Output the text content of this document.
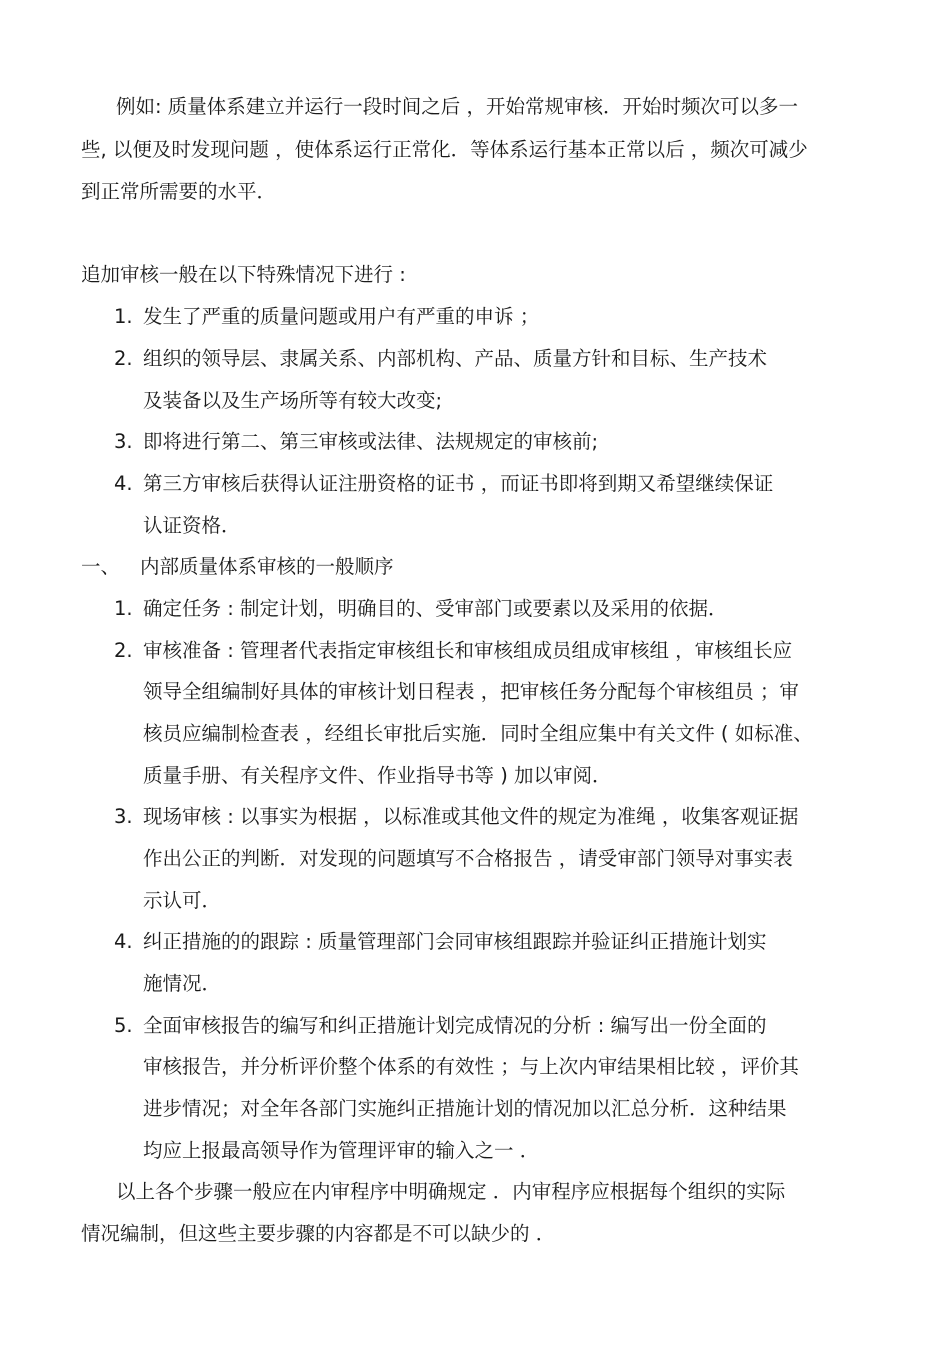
例如: 质量体系建立并运行一段时间之后 ，开始常规审核．开始时频次可以多一
些, 以便及时发现问题 ，使体系运行正常化．等体系运行基本正常以后 ，频次可减少
到正常所需要的水平．
追加审核一般在以下特殊情况下进行 :
1. 发生了严重的质量问题或用户有严重的申诉 ；
2. 组织的领导层、隶属关系、内部机构、产品、质量方针和目标、生产技术
及装备以及生产场所等有较大改变;
3. 即将进行第二、第三审核或法律、法规规定的审核前;
4. 第三方审核后获得认证注册资格的证书 ，而证书即将到期又希望继续保证
认证资格．
一、 内部质量体系审核的一般顺序
1. 确定任务 : 制定计划，明确目的、受审部门或要素以及采用的依据．
2. 审核准备 : 管理者代表指定审核组长和审核组成员组成审核组 ，审核组长应
领导全组编制好具体的审核计划日程表 ，把审核任务分配每个审核组员 ；审
核员应编制检查表 ，经组长审批后实施．同时全组应集中有关文件 ( 如标准、
质量手册、有关程序文件、作业指导书等 ) 加以审阅．
3. 现场审核 : 以事实为根据 ，以标准或其他文件的规定为准绳 ，收集客观证据
作出公正的判断．对发现的问题填写不合格报告 ，请受审部门领导对事实表
示认可．
4. 纠正措施的的跟踪 : 质量管理部门会同审核组跟踪并验证纠正措施计划实
施情况．
5. 全面审核报告的编写和纠正措施计划完成情况的分析 : 编写出一份全面的
审核报告，并分析评价整个体系的有效性 ；与上次内审结果相比较 ，评价其
进步情况；对全年各部门实施纠正措施计划的情况加以汇总分析．这种结果
均应上报最高领导作为管理评审的输入之一 ．
以上各个步骤一般应在内审程序中明确规定 ．内审程序应根据每个组织的实际
情况编制，但这些主要步骤的内容都是不可以缺少的 ．
